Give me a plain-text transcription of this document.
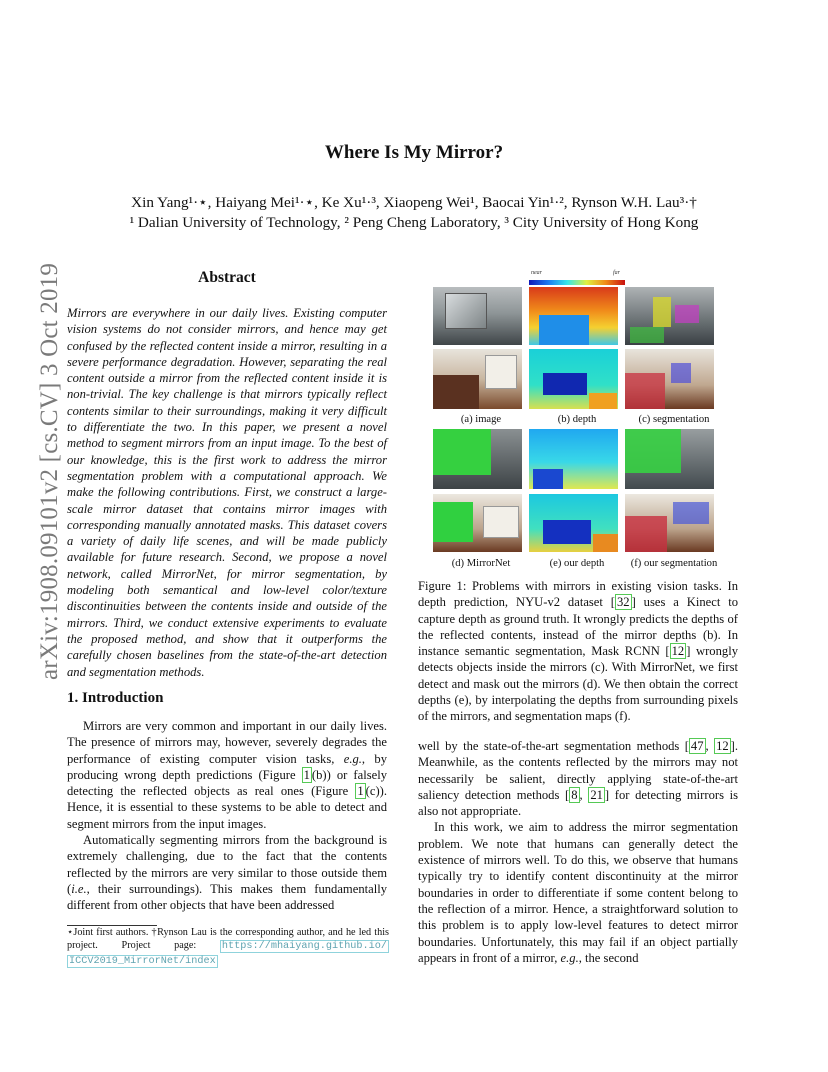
Where Is My Mirror?
Xin Yang¹·⋆, Haiyang Mei¹·⋆, Ke Xu¹·³, Xiaopeng Wei¹, Baocai Yin¹·², Rynson W.H. Lau³·†
¹ Dalian University of Technology, ² Peng Cheng Laboratory, ³ City University of Hong Kong
arXiv:1908.09101v2 [cs.CV] 3 Oct 2019	Abstract
Mirrors are everywhere in our daily lives. Existing computer vision systems do not consider mirrors, and hence may get confused by the reflected content inside a mirror, resulting in a severe performance degradation. However, separating the real content outside a mirror from the reflected content inside it is non-trivial. The key challenge is that mirrors typically reflect contents similar to their surroundings, making it very difficult to differentiate the two. In this paper, we present a novel method to segment mirrors from an input image. To the best of our knowledge, this is the first work to address the mirror segmentation problem with a computational approach. We make the following contributions. First, we construct a large-scale mirror dataset that contains mirror images with corresponding manually annotated masks. This dataset covers a variety of daily life scenes, and will be made publicly available for future research. Second, we propose a novel network, called MirrorNet, for mirror segmentation, by modeling both semantical and low-level color/texture discontinuities between the contents inside and outside of the mirrors. Third, we conduct extensive experiments to evaluate the proposed method, and show that it outperforms the carefully chosen baselines from the state-of-the-art detection and segmentation methods.
1. Introduction

Mirrors are very common and important in our daily lives. The presence of mirrors may, however, severely degrades the performance of existing computer vision tasks, e.g., by producing wrong depth predictions (Figure 1 (b)) or falsely detecting the reflected objects as real ones (Figure 1 (c)). Hence, it is essential to these systems to be able to detect and segment mirrors from the input images.

Automatically segmenting mirrors from the background is extremely challenging, due to the fact that the contents reflected by the mirrors are very similar to those outside them (i.e., their surroundings). This makes them fundamentally different from other objects that have been addressed

⋆Joint first authors. †Rynson Lau is the corresponding author, and he led this project. Project page: https://mhaiyang.github.io/ ICCV2019_MirrorNet/index
near	far
(a) image	(b) depth	(c) segmentation
(d) MirrorNet	(e) our depth	(f) our segmentation
Figure 1: Problems with mirrors in existing vision tasks. In depth prediction, NYU-v2 dataset [ 32 ] uses a Kinect to capture depth as ground truth. It wrongly predicts the depths of the reflected contents, instead of the mirror depths (b). In instance semantic segmentation, Mask RCNN [ 12 ] wrongly detects objects inside the mirrors (c). With MirrorNet, we first detect and mask out the mirrors (d). We then obtain the correct depths (e), by interpolating the depths from surrounding pixels of the mirrors, and segmentation maps (f).

well by the state-of-the-art segmentation methods [ 47 , 12 ]. Meanwhile, as the contents reflected by the mirrors may not necessarily be salient, directly applying state-of-the-art saliency detection methods [ 8 , 21 ] for detecting mirrors is also not appropriate.

In this work, we aim to address the mirror segmentation problem. We note that humans can generally detect the existence of mirrors well. To do this, we observe that humans typically try to identify content discontinuity at the mirror boundaries in order to differentiate if some content belong to the reflection of a mirror. Hence, a straightforward solution to this problem is to apply low-level features to detect mirror boundaries. Unfortunately, this may fail if an object partially appears in front of a mirror, e.g., the second
